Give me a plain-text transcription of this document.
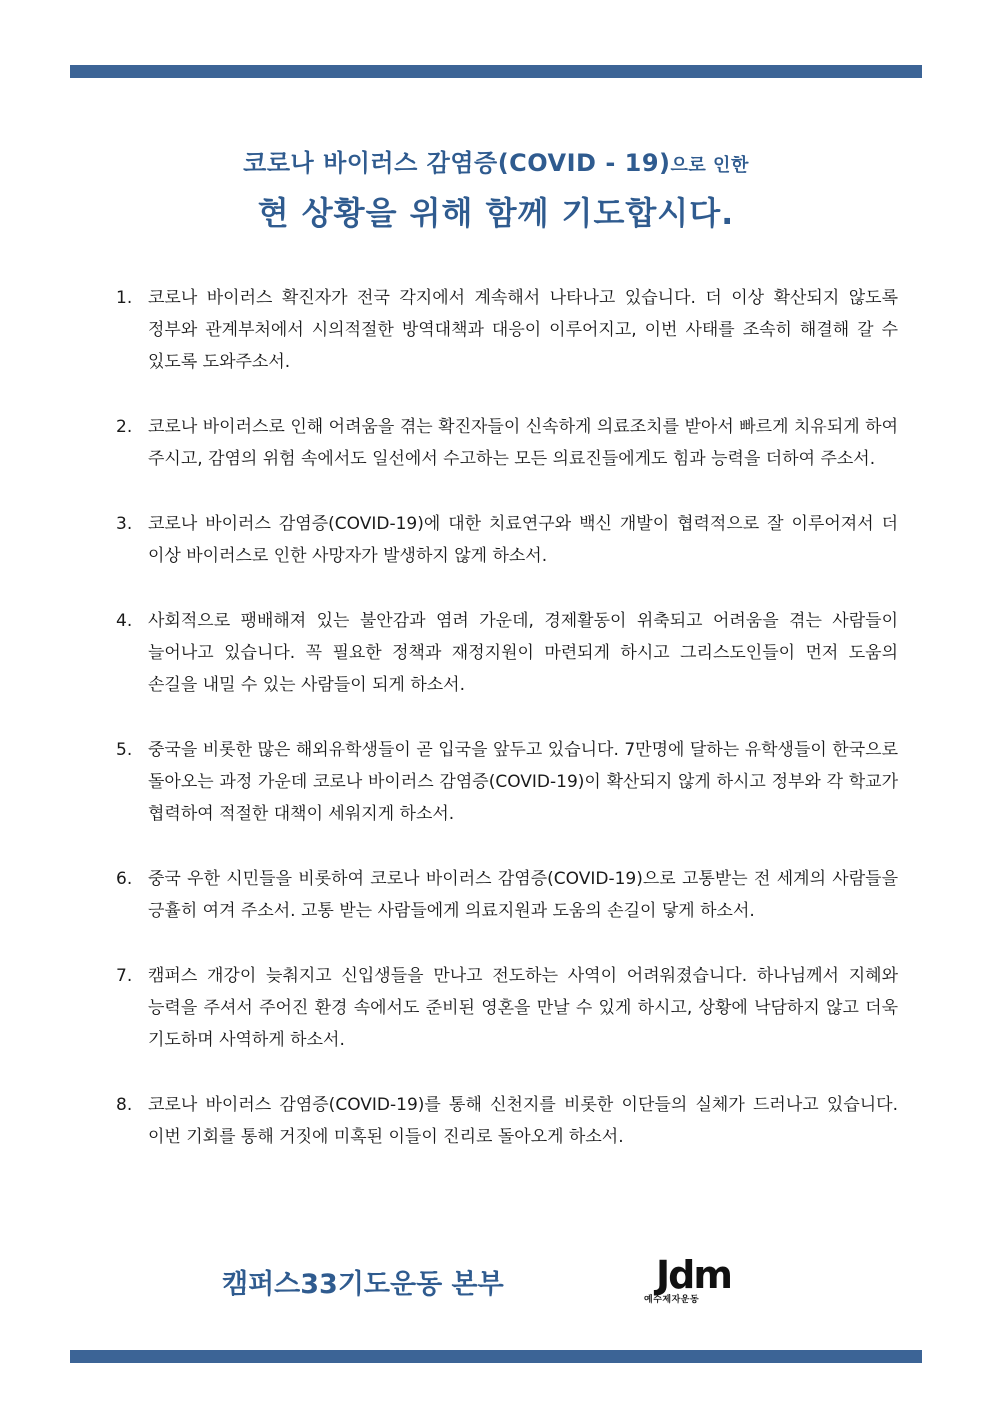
코로나 바이러스 감염증(COVID - 19)으로 인한
현 상황을 위해 함께 기도합시다.
1. 코로나 바이러스 확진자가 전국 각지에서 계속해서 나타나고 있습니다. 더 이상 확산되지 않도록 정부와 관계부처에서 시의적절한 방역대책과 대응이 이루어지고, 이번 사태를 조속히 해결해 갈 수 있도록 도와주소서.
2. 코로나 바이러스로 인해 어려움을 겪는 확진자들이 신속하게 의료조치를 받아서 빠르게 치유되게 하여 주시고, 감염의 위험 속에서도 일선에서 수고하는 모든 의료진들에게도 힘과 능력을 더하여 주소서.
3. 코로나 바이러스 감염증(COVID-19)에 대한 치료연구와 백신 개발이 협력적으로 잘 이루어져서 더 이상 바이러스로 인한 사망자가 발생하지 않게 하소서.
4. 사회적으로 팽배해져 있는 불안감과 염려 가운데, 경제활동이 위축되고 어려움을 겪는 사람들이 늘어나고 있습니다. 꼭 필요한 정책과 재정지원이 마련되게 하시고 그리스도인들이 먼저 도움의 손길을 내밀 수 있는 사람들이 되게 하소서.
5. 중국을 비롯한 많은 해외유학생들이 곧 입국을 앞두고 있습니다. 7만명에 달하는 유학생들이 한국으로 돌아오는 과정 가운데 코로나 바이러스 감염증(COVID-19)이 확산되지 않게 하시고 정부와 각 학교가 협력하여 적절한 대책이 세워지게 하소서.
6. 중국 우한 시민들을 비롯하여 코로나 바이러스 감염증(COVID-19)으로 고통받는 전 세계의 사람들을 긍휼히 여겨 주소서. 고통 받는 사람들에게 의료지원과 도움의 손길이 닿게 하소서.
7. 캠퍼스 개강이 늦춰지고 신입생들을 만나고 전도하는 사역이 어려워졌습니다. 하나님께서 지혜와 능력을 주셔서 주어진 환경 속에서도 준비된 영혼을 만날 수 있게 하시고, 상황에 낙담하지 않고 더욱 기도하며 사역하게 하소서.
8. 코로나 바이러스 감염증(COVID-19)를 통해 신천지를 비롯한 이단들의 실체가 드러나고 있습니다. 이번 기회를 통해 거짓에 미혹된 이들이 진리로 돌아오게 하소서.
캠퍼스33기도운동 본부	Jdm
예수제자운동
